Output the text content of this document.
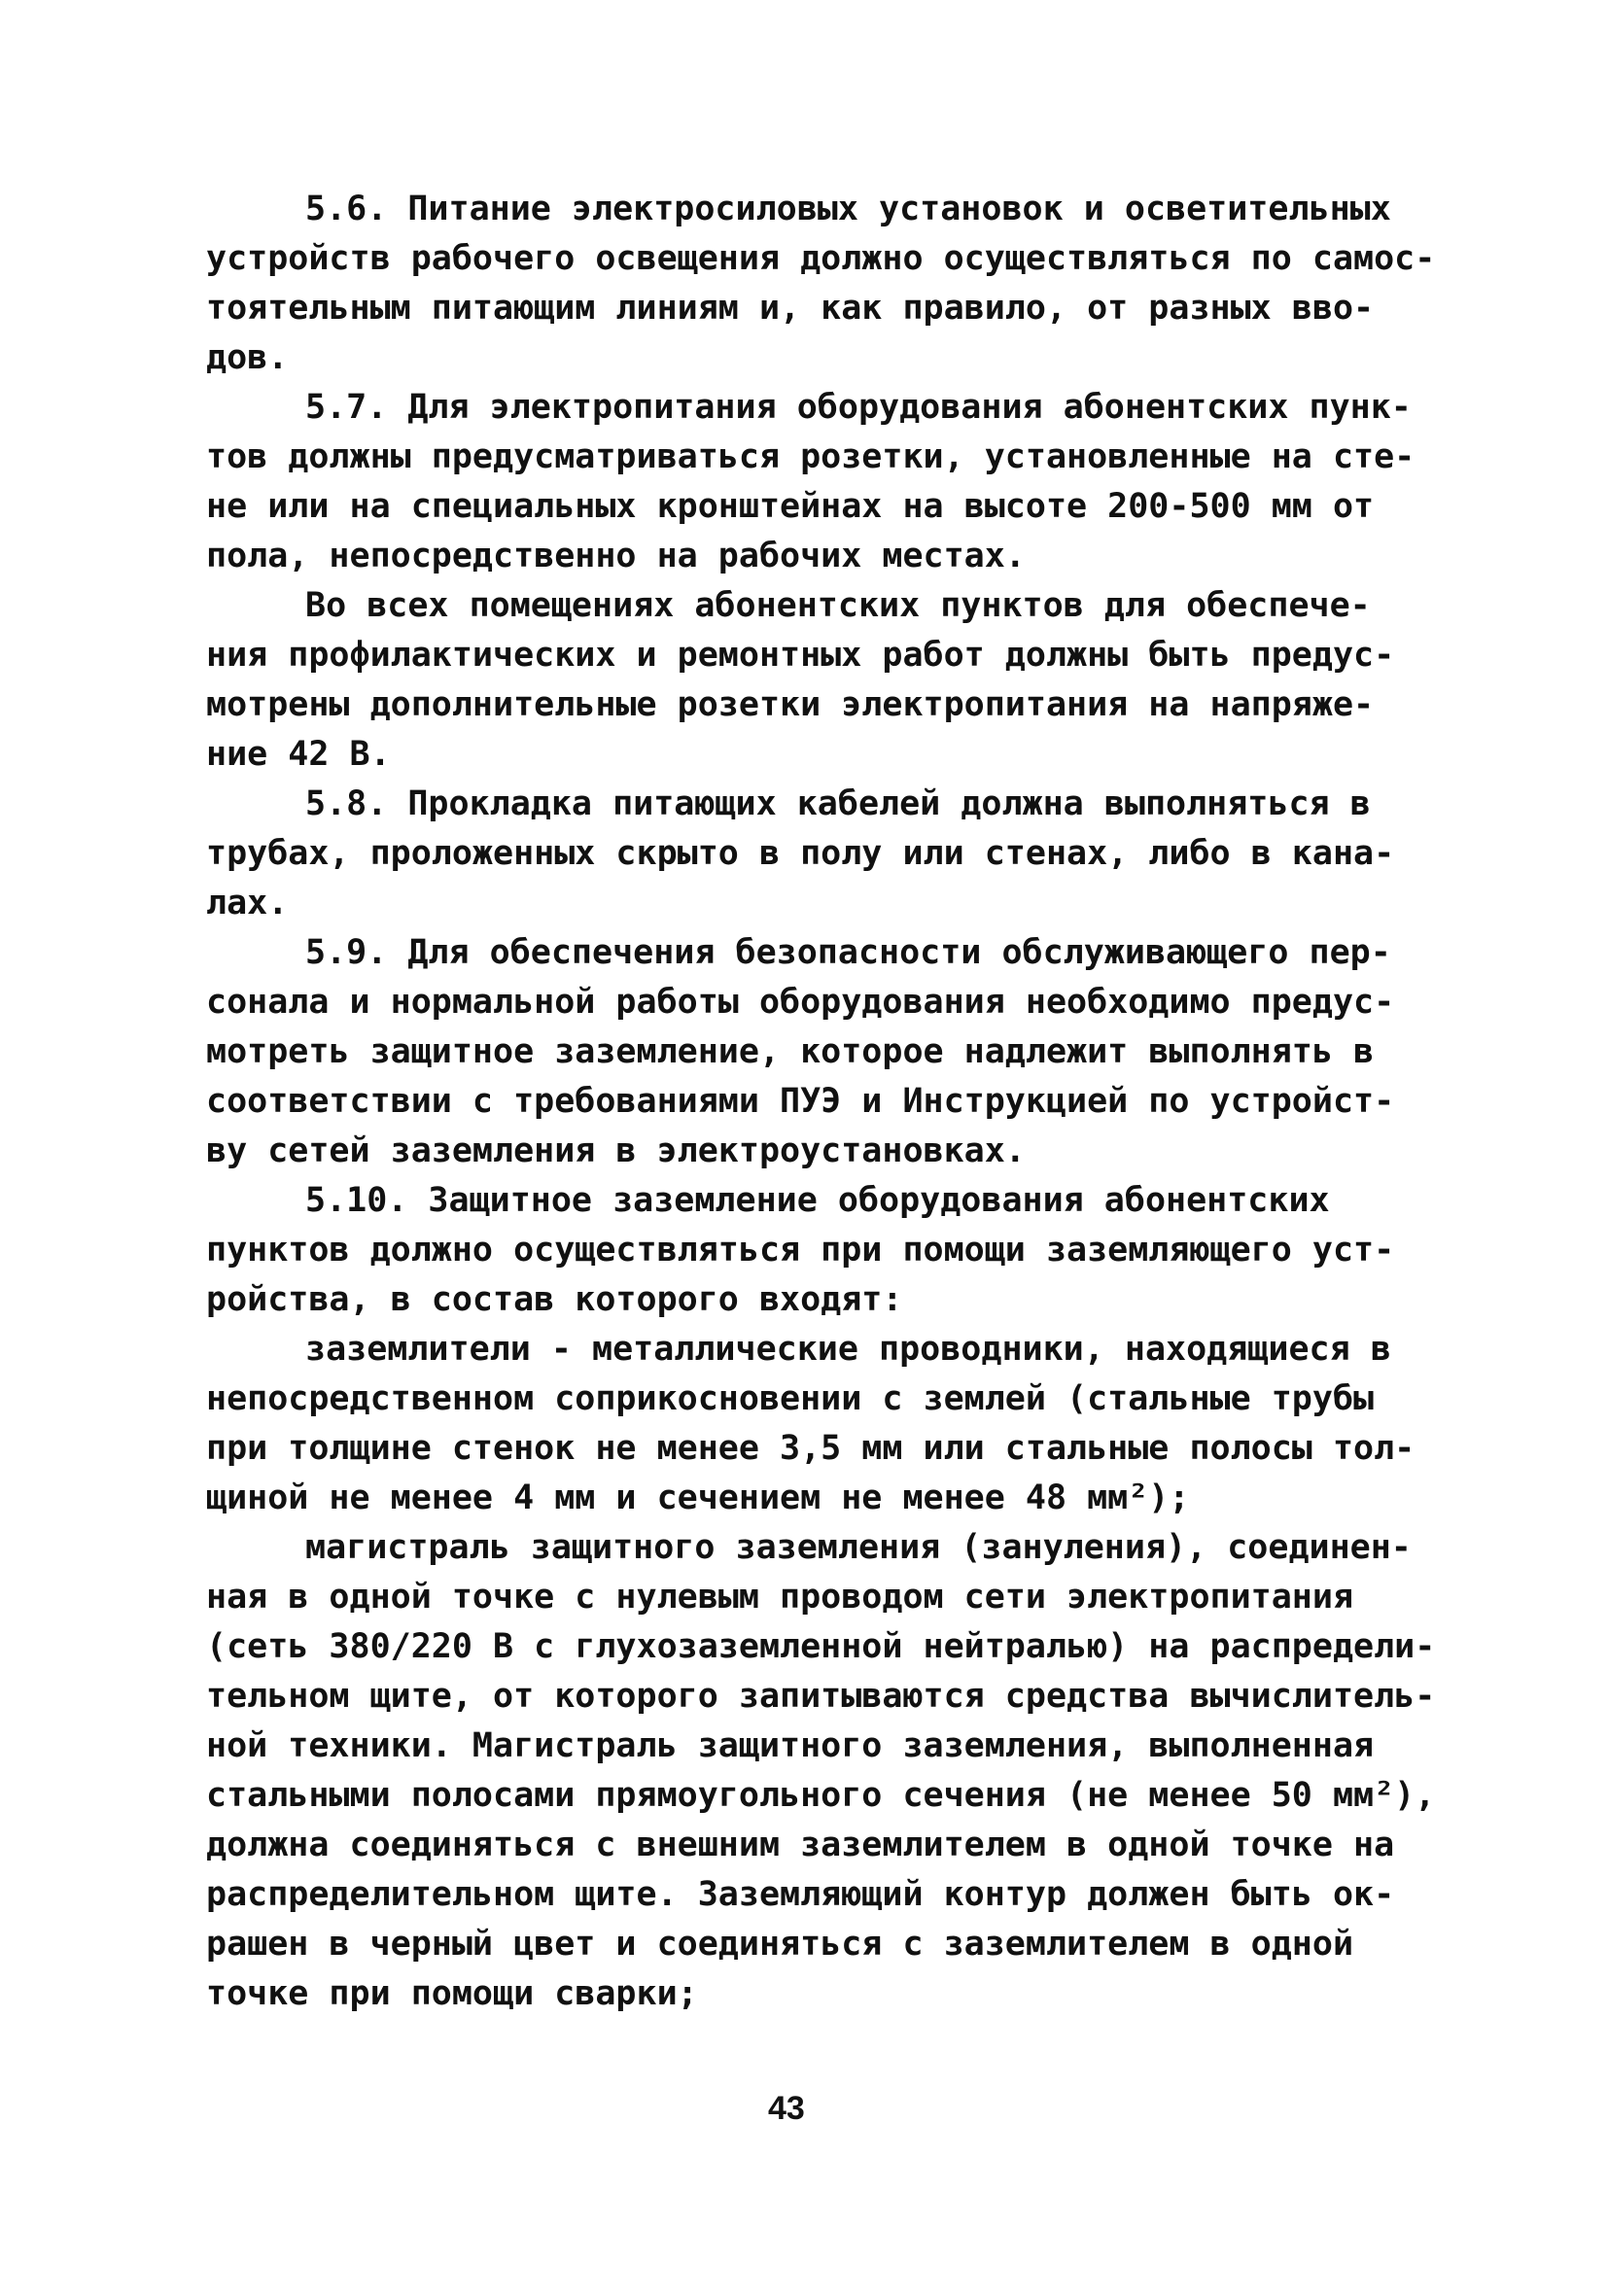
5.6. Питание электросиловых установок и осветительных
устройств рабочего освещения должно осуществляться по самос-
тоятельным питающим линиям и, как правило, от разных вво-
дов.
5.7. Для электропитания оборудования абонентских пунк-
тов должны предусматриваться розетки, установленные на сте-
не или на специальных кронштейнах на высоте 200-500 мм от
пола, непосредственно на рабочих местах.
Во всех помещениях абонентских пунктов для обеспече-
ния профилактических и ремонтных работ должны быть предус-
мотрены дополнительные розетки электропитания на напряже-
ние 42 В.
5.8. Прокладка питающих кабелей должна выполняться в
трубах, проложенных скрыто в полу или стенах, либо в кана-
лах.
5.9. Для обеспечения безопасности обслуживающего пер-
сонала и нормальной работы оборудования необходимо предус-
мотреть защитное заземление, которое надлежит выполнять в
соответствии с требованиями ПУЭ и Инструкцией по устройст-
ву сетей заземления в электроустановках.
5.10. Защитное заземление оборудования абонентских
пунктов должно осуществляться при помощи заземляющего уст-
ройства, в состав которого входят:
заземлители - металлические проводники, находящиеся в
непосредственном соприкосновении с землей (стальные трубы
при толщине стенок не менее 3,5 мм или стальные полосы тол-
щиной не менее 4 мм и сечением не менее 48 мм²);
магистраль защитного заземления (зануления), соединен-
ная в одной точке с нулевым проводом сети электропитания
(сеть 380/220 В с глухозаземленной нейтралью) на распредели-
тельном щите, от которого запитываются средства вычислитель-
ной техники. Магистраль защитного заземления, выполненная
стальными полосами прямоугольного сечения (не менее 50 мм²),
должна соединяться с внешним заземлителем в одной точке на
распределительном щите. Заземляющий контур должен быть ок-
рашен в черный цвет и соединяться с заземлителем в одной
точке при помощи сварки;
43
